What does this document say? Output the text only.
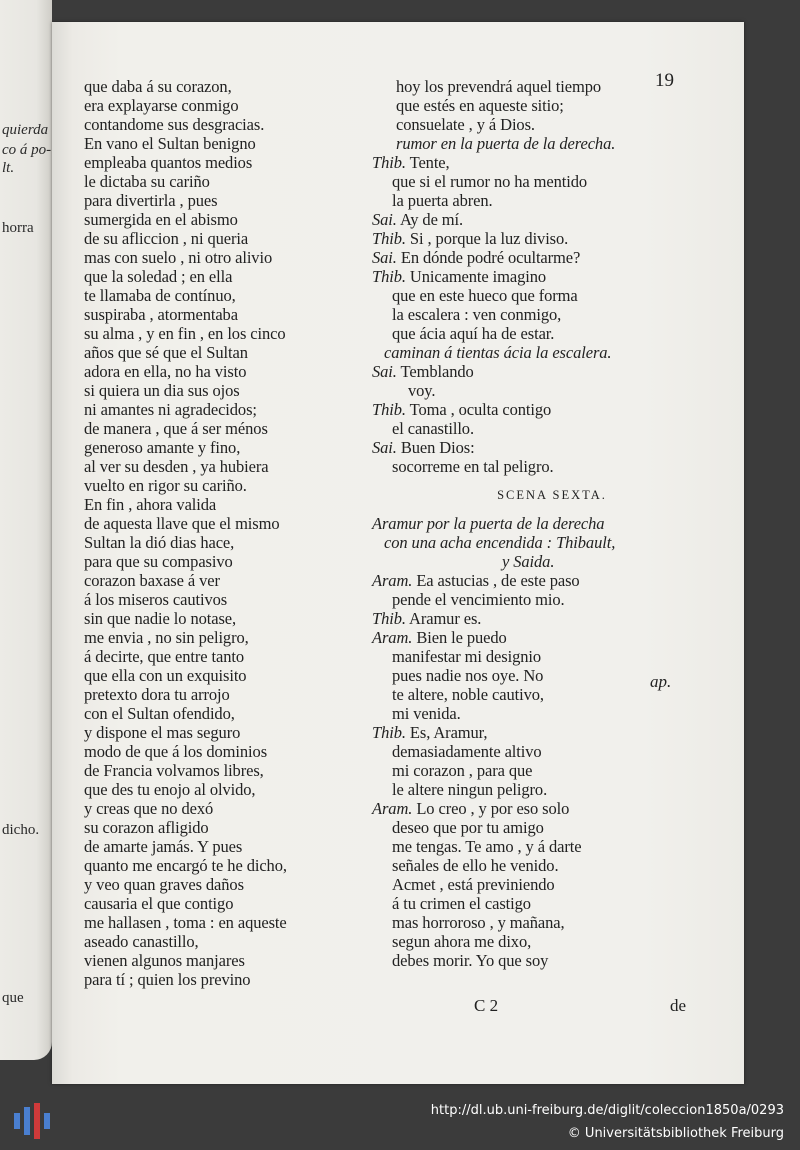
quierda
co á po-
lt.
horra
dicho.
que
19
que daba á su corazon,
era explayarse conmigo
contandome sus desgracias.
En vano el Sultan benigno
empleaba quantos medios
le dictaba su cariño
para divertirla , pues
sumergida en el abismo
de su afliccion , ni queria
mas con suelo , ni otro alivio
que la soledad ; en ella
te llamaba de contínuo,
suspiraba , atormentaba
su alma , y en fin , en los cinco
años que sé que el Sultan
adora en ella, no ha visto
si quiera un dia sus ojos
ni amantes ni agradecidos;
de manera , que á ser ménos
generoso amante y fino,
al ver su desden , ya hubiera
vuelto en rigor su cariño.
En fin , ahora valida
de aquesta llave que el mismo
Sultan la dió dias hace,
para que su compasivo
corazon baxase á ver
á los miseros cautivos
sin que nadie lo notase,
me envia , no sin peligro,
á decirte, que entre tanto
que ella con un exquisito
pretexto dora tu arrojo
con el Sultan ofendido,
y dispone el mas seguro
modo de que á los dominios
de Francia volvamos libres,
que des tu enojo al olvido,
y creas que no dexó
su corazon afligido
de amarte jamás. Y pues
quanto me encargó te he dicho,
y veo quan graves daños
causaria el que contigo
me hallasen , toma : en aqueste
aseado canastillo,
vienen algunos manjares
para tí ; quien los previno
hoy los prevendrá aquel tiempo
que estés en aqueste sitio;
consuelate , y á Dios.
rumor en la puerta de la derecha.
Thib. Tente,
que si el rumor no ha mentido
la puerta abren.
Sai. Ay de mí.
Thib. Si , porque la luz diviso.
Sai. En dónde podré ocultarme?
Thib. Unicamente imagino
que en este hueco que forma
la escalera : ven conmigo,
que ácia aquí ha de estar.
caminan á tientas ácia la escalera.
Sai. Temblando
voy.
Thib. Toma , oculta contigo
el canastillo.
Sai. Buen Dios:
socorreme en tal peligro.
SCENA SEXTA.
Aramur por la puerta de la derecha
con una acha encendida : Thibault,
y Saida.
Aram. Ea astucias , de este paso
pende el vencimiento mio.
Thib. Aramur es.
Aram. Bien le puedo
manifestar mi designio
pues nadie nos oye. No
te altere, noble cautivo,
mi venida.
Thib. Es, Aramur,
demasiadamente altivo
mi corazon , para que
le altere ningun peligro.
Aram. Lo creo , y por eso solo
deseo que por tu amigo
me tengas. Te amo , y á darte
señales de ello he venido.
Acmet , está previniendo
á tu crimen el castigo
mas horroroso , y mañana,
segun ahora me dixo,
debes morir. Yo que soy
ap.
C 2	de
http://dl.ub.uni-freiburg.de/diglit/coleccion1850a/0293
© Universitätsbibliothek Freiburg
